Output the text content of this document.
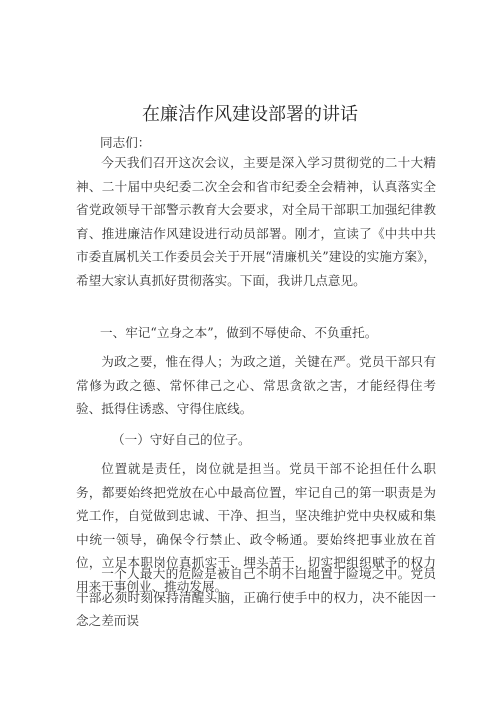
在廉洁作风建设部署的讲话
同志们：
今天我们召开这次会议，主要是深入学习贯彻党的二十大精神、二十届中央纪委二次全会和省市纪委全会精神，认真落实全省党政领导干部警示教育大会要求，对全局干部职工加强纪律教育、推进廉洁作风建设进行动员部署。刚才，宣读了《中共中共市委直属机关工作委员会关于开展“清廉机关”建设的实施方案》，希望大家认真抓好贯彻落实。下面，我讲几点意见。
一、牢记“立身之本”，做到不辱使命、不负重托。
为政之要，惟在得人；为政之道，关键在严。党员干部只有常修为政之德、常怀律己之心、常思贪欲之害，才能经得住考验、抵得住诱惑、守得住底线。
（一）守好自己的位子。
位置就是责任，岗位就是担当。党员干部不论担任什么职务，都要始终把党放在心中最高位置，牢记自己的第一职责是为党工作，自觉做到忠诚、干净、担当，坚决维护党中央权威和集中统一领导，确保令行禁止、政令畅通。要始终把事业放在首位，立足本职岗位真抓实干、埋头苦干，切实把组织赋予的权力用来干事创业、推动发展。
一个人最大的危险是被自己不明不白地置于险境之中。党员干部必须时刻保持清醒头脑，正确行使手中的权力，决不能因一念之差而误
